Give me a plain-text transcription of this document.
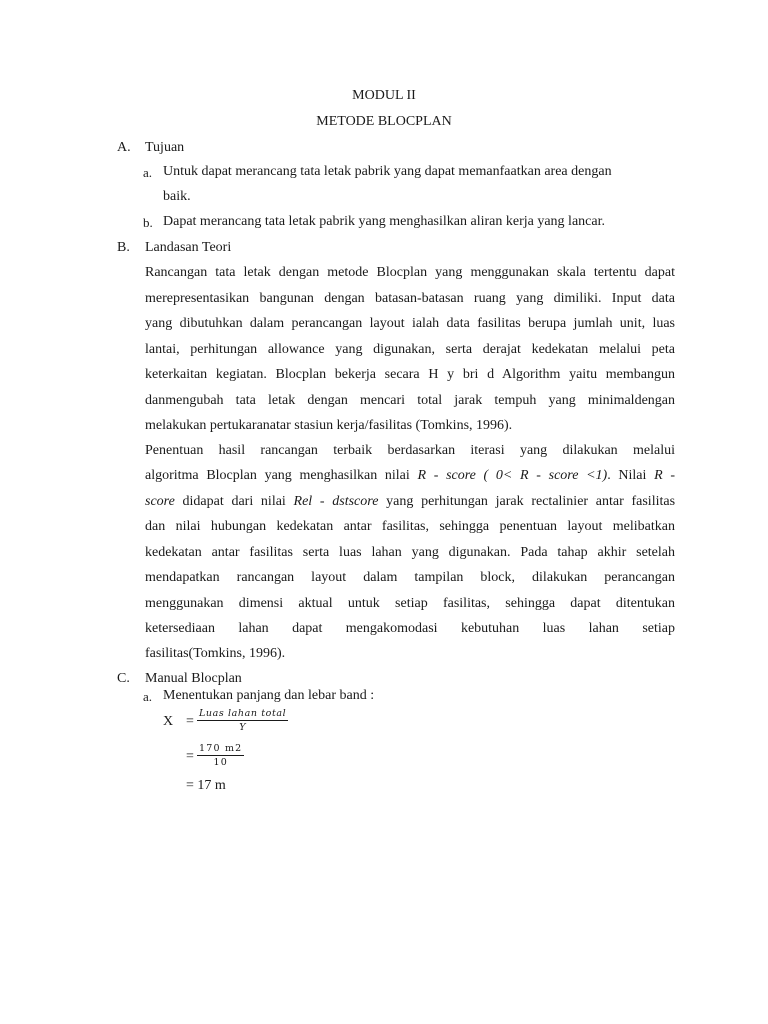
MODUL II
METODE BLOCPLAN
A. Tujuan
a. Untuk dapat merancang tata letak pabrik yang dapat memanfaatkan area dengan
baik.
b. Dapat merancang tata letak pabrik yang menghasilkan aliran kerja yang lancar.
B. Landasan Teori
Rancangan tata letak dengan metode Blocplan yang menggunakan skala tertentu dapat
merepresentasikan bangunan dengan batasan-batasan ruang yang dimiliki. Input data
yang dibutuhkan dalam perancangan layout ialah data fasilitas berupa jumlah unit, luas
lantai, perhitungan allowance yang digunakan, serta derajat kedekatan melalui peta
keterkaitan kegiatan. Blocplan bekerja secara H y bri d Algorithm yaitu membangun
danmengubah tata letak dengan mencari total jarak tempuh yang minimaldengan
melakukan pertukaranatar stasiun kerja/fasilitas (Tomkins, 1996).
Penentuan hasil rancangan terbaik berdasarkan iterasi yang dilakukan melalui
algoritma Blocplan yang menghasilkan nilai R - score ( 0< R - score <1). Nilai R -
score didapat dari nilai Rel - dstscore yang perhitungan jarak rectalinier antar fasilitas
dan nilai hubungan kedekatan antar fasilitas, sehingga penentuan layout melibatkan
kedekatan antar fasilitas serta luas lahan yang digunakan. Pada tahap akhir setelah
mendapatkan rancangan layout dalam tampilan block, dilakukan perancangan
menggunakan dimensi aktual untuk setiap fasilitas, sehingga dapat ditentukan
ketersediaan lahan dapat mengakomodasi kebutuhan luas lahan setiap
fasilitas(Tomkins, 1996).
C. Manual Blocplan
a. Menentukan panjang dan lebar band :
X =
Luas lahan total
Y
= $\frac{170 m2}{10}$
= 17 m
